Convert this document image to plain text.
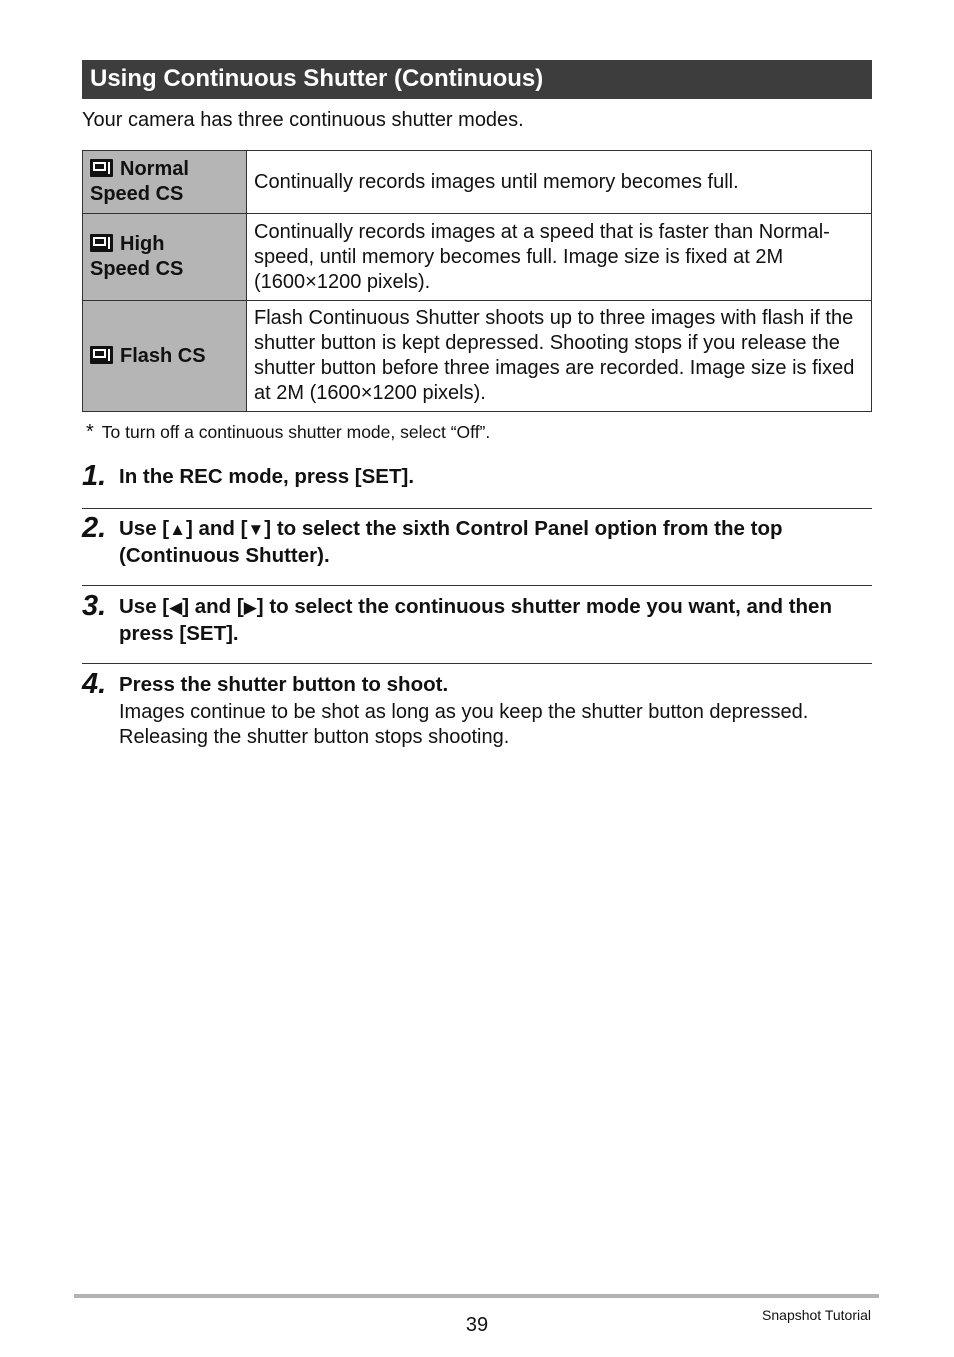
Using Continuous Shutter (Continuous)
Your camera has three continuous shutter modes.
Normal
Speed CS	Continually records images until memory becomes full.
High
Speed CS	Continually records images at a speed that is faster than Normal-speed, until memory becomes full. Image size is fixed at 2M (1600×1200 pixels).
Flash CS	Flash Continuous Shutter shoots up to three images with flash if the shutter button is kept depressed. Shooting stops if you release the shutter button before three images are recorded. Image size is fixed at 2M (1600×1200 pixels).
* To turn off a continuous shutter mode, select “Off”.
1. In the REC mode, press [SET].
2. Use [▲] and [▼] to select the sixth Control Panel option from the top (Continuous Shutter).
3. Use [◀] and [▶] to select the continuous shutter mode you want, and then press [SET].
4. Press the shutter button to shoot.
Images continue to be shot as long as you keep the shutter button depressed. Releasing the shutter button stops shooting.
39	Snapshot Tutorial
